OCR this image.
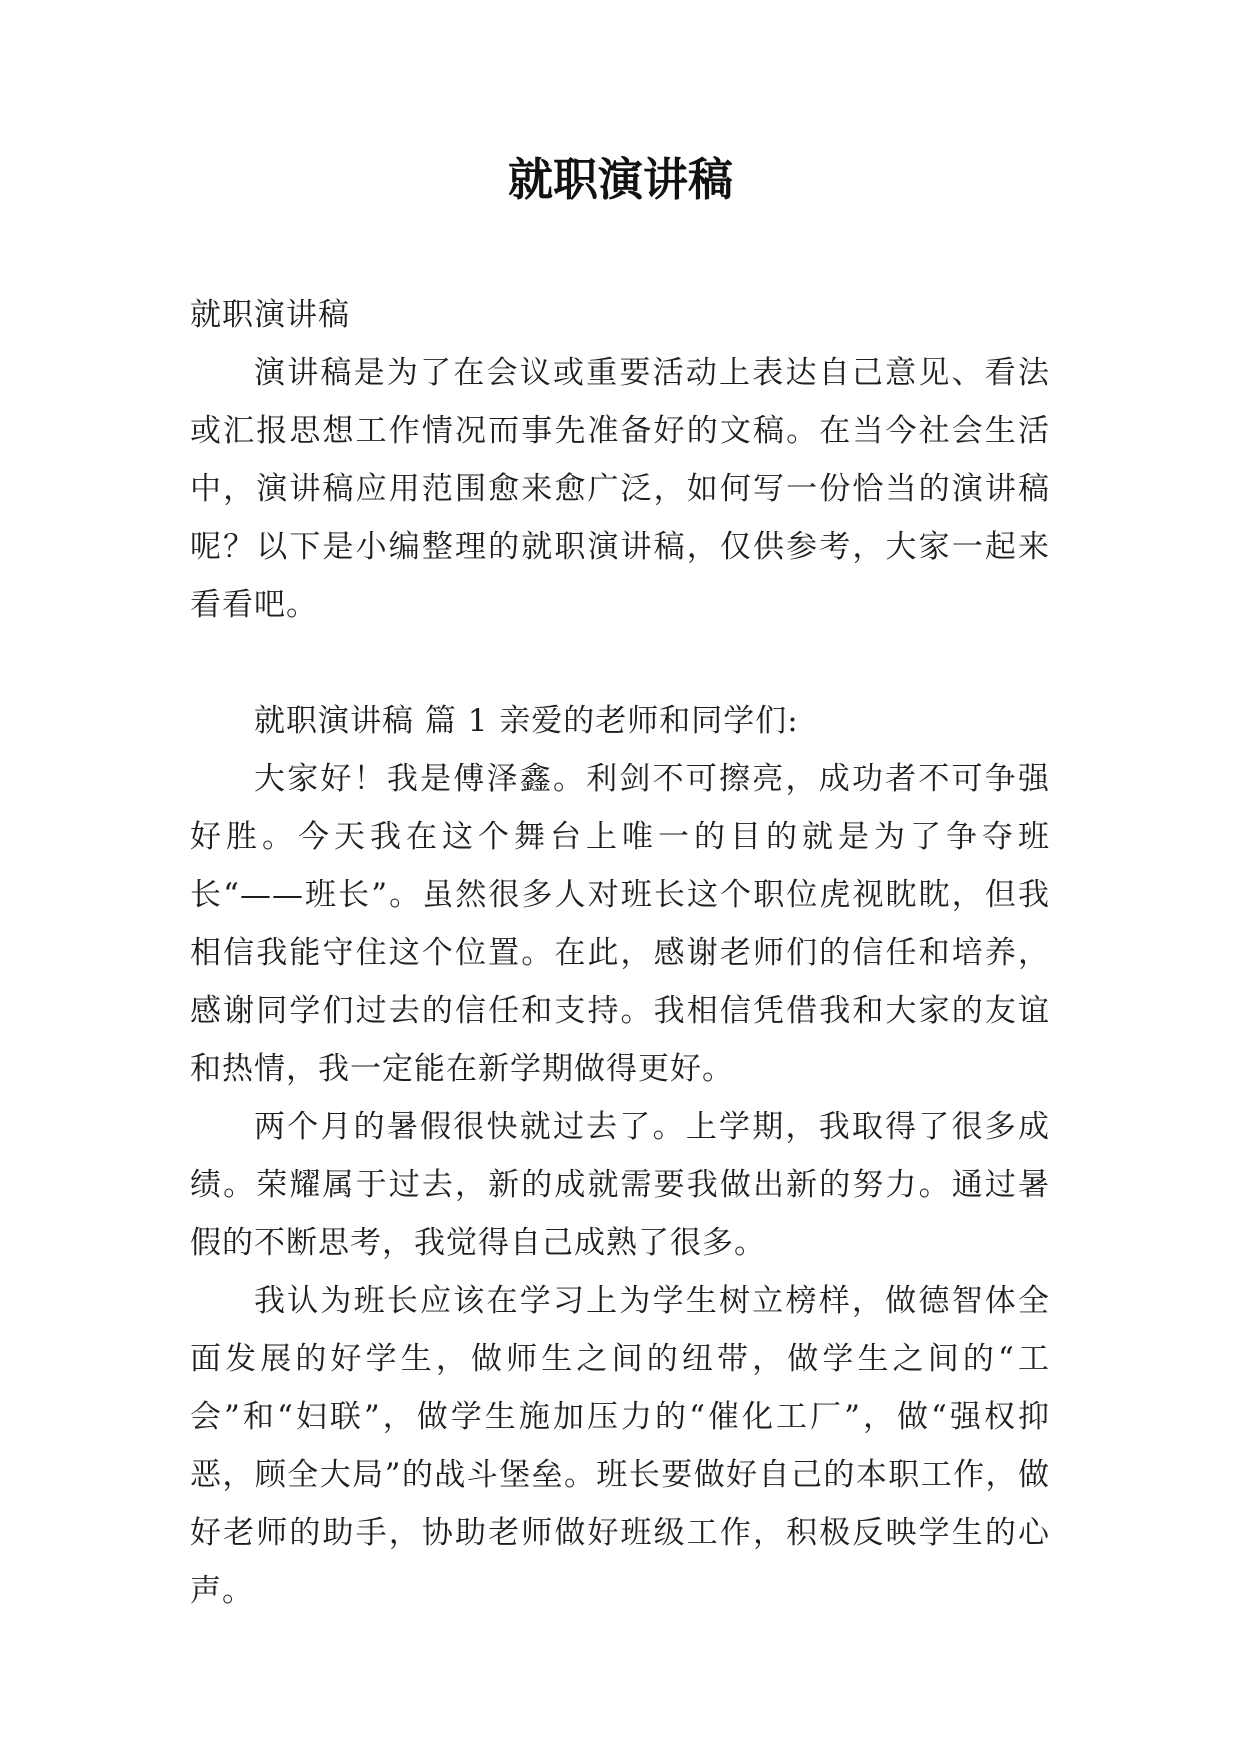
就职演讲稿

就职演讲稿

演讲稿是为了在会议或重要活动上表达自己意见、看法或汇报思想工作情况而事先准备好的文稿。在当今社会生活中，演讲稿应用范围愈来愈广泛，如何写一份恰当的演讲稿呢？以下是小编整理的就职演讲稿，仅供参考，大家一起来看看吧。

就职演讲稿 篇 1 亲爱的老师和同学们:

大家好！我是傅泽鑫。利剑不可擦亮，成功者不可争强好胜。今天我在这个舞台上唯一的目的就是为了争夺班长“——班长”。虽然很多人对班长这个职位虎视眈眈，但我相信我能守住这个位置。在此，感谢老师们的信任和培养，感谢同学们过去的信任和支持。我相信凭借我和大家的友谊和热情，我一定能在新学期做得更好。

两个月的暑假很快就过去了。上学期，我取得了很多成绩。荣耀属于过去，新的成就需要我做出新的努力。通过暑假的不断思考，我觉得自己成熟了很多。

我认为班长应该在学习上为学生树立榜样，做德智体全面发展的好学生，做师生之间的纽带，做学生之间的“工会”和“妇联”，做学生施加压力的“催化工厂”，做“强权抑恶，顾全大局”的战斗堡垒。班长要做好自己的本职工作，做好老师的助手，协助老师做好班级工作，积极反映学生的心声。
